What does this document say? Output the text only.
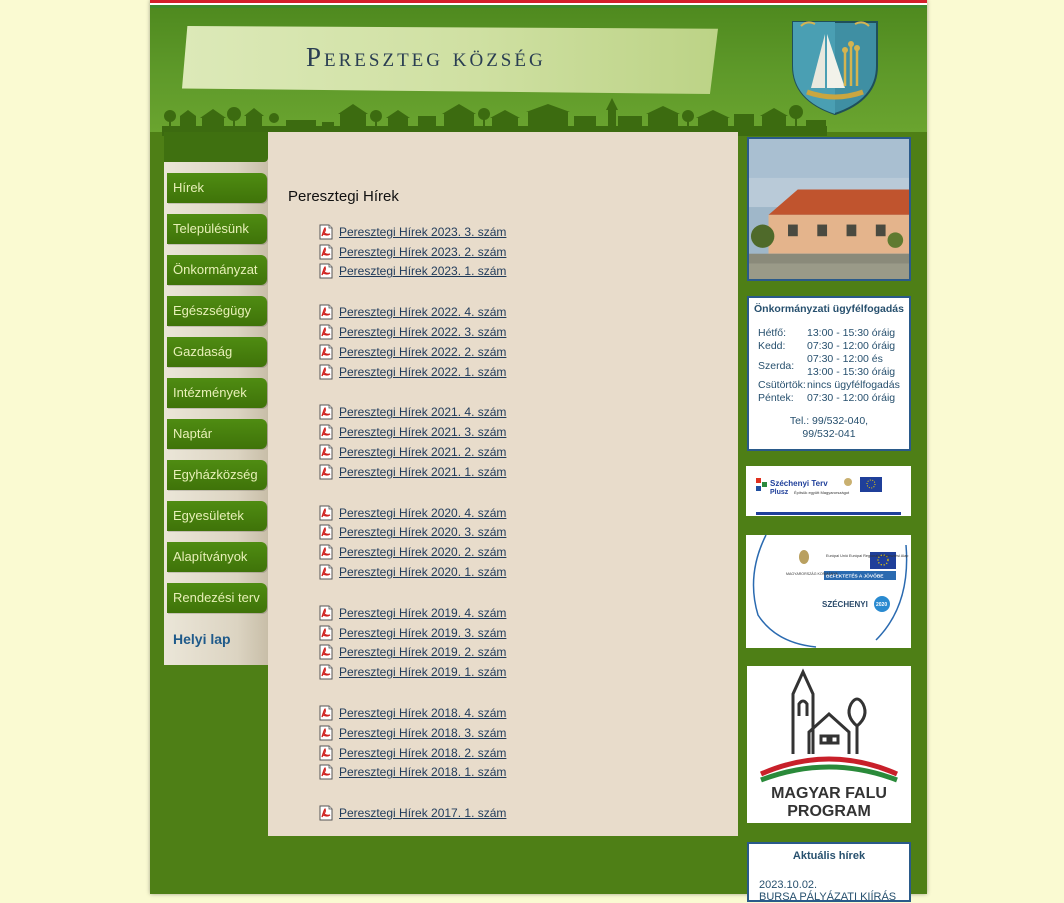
Pereszteg község
Hírek
Településünk
Önkormányzat
Egészségügy
Gazdaság
Intézmények
Naptár
Egyházközség
Egyesületek
Alapítványok
Rendezési terv
Helyi lap
Peresztegi Hírek
Peresztegi Hírek 2023. 3. szám
Peresztegi Hírek 2023. 2. szám
Peresztegi Hírek 2023. 1. szám
Peresztegi Hírek 2022. 4. szám
Peresztegi Hírek 2022. 3. szám
Peresztegi Hírek 2022. 2. szám
Peresztegi Hírek 2022. 1. szám
Peresztegi Hírek 2021. 4. szám
Peresztegi Hírek 2021. 3. szám
Peresztegi Hírek 2021. 2. szám
Peresztegi Hírek 2021. 1. szám
Peresztegi Hírek 2020. 4. szám
Peresztegi Hírek 2020. 3. szám
Peresztegi Hírek 2020. 2. szám
Peresztegi Hírek 2020. 1. szám
Peresztegi Hírek 2019. 4. szám
Peresztegi Hírek 2019. 3. szám
Peresztegi Hírek 2019. 2. szám
Peresztegi Hírek 2019. 1. szám
Peresztegi Hírek 2018. 4. szám
Peresztegi Hírek 2018. 3. szám
Peresztegi Hírek 2018. 2. szám
Peresztegi Hírek 2018. 1. szám
Peresztegi Hírek 2017. 1. szám
Önkormányzati ügyfélfogadás
Hétfő:	13:00 - 15:30 óráig
Kedd:	07:30 - 12:00 óráig
Szerda:
07:30 - 12:00 és
13:00 - 15:30 óráig
Csütörtök: nincs ügyfélfogadás
Péntek:	07:30 - 12:00 óráig
Tel.: 99/532-040,
99/532-041
Széchenyi Terv
Plusz Építsük együtt Magyarországot
BEFEKTETÉS A JÖVŐBE
Európai Unió Európai Regionális Fejlesztési Alap
MAGYARORSZÁG KORMÁNYA
SZÉCHENYI 2020
MAGYAR FALU
PROGRAM
Aktuális hírek
2023.10.02.
BURSA PÁLYÁZATI KIÍRÁS
